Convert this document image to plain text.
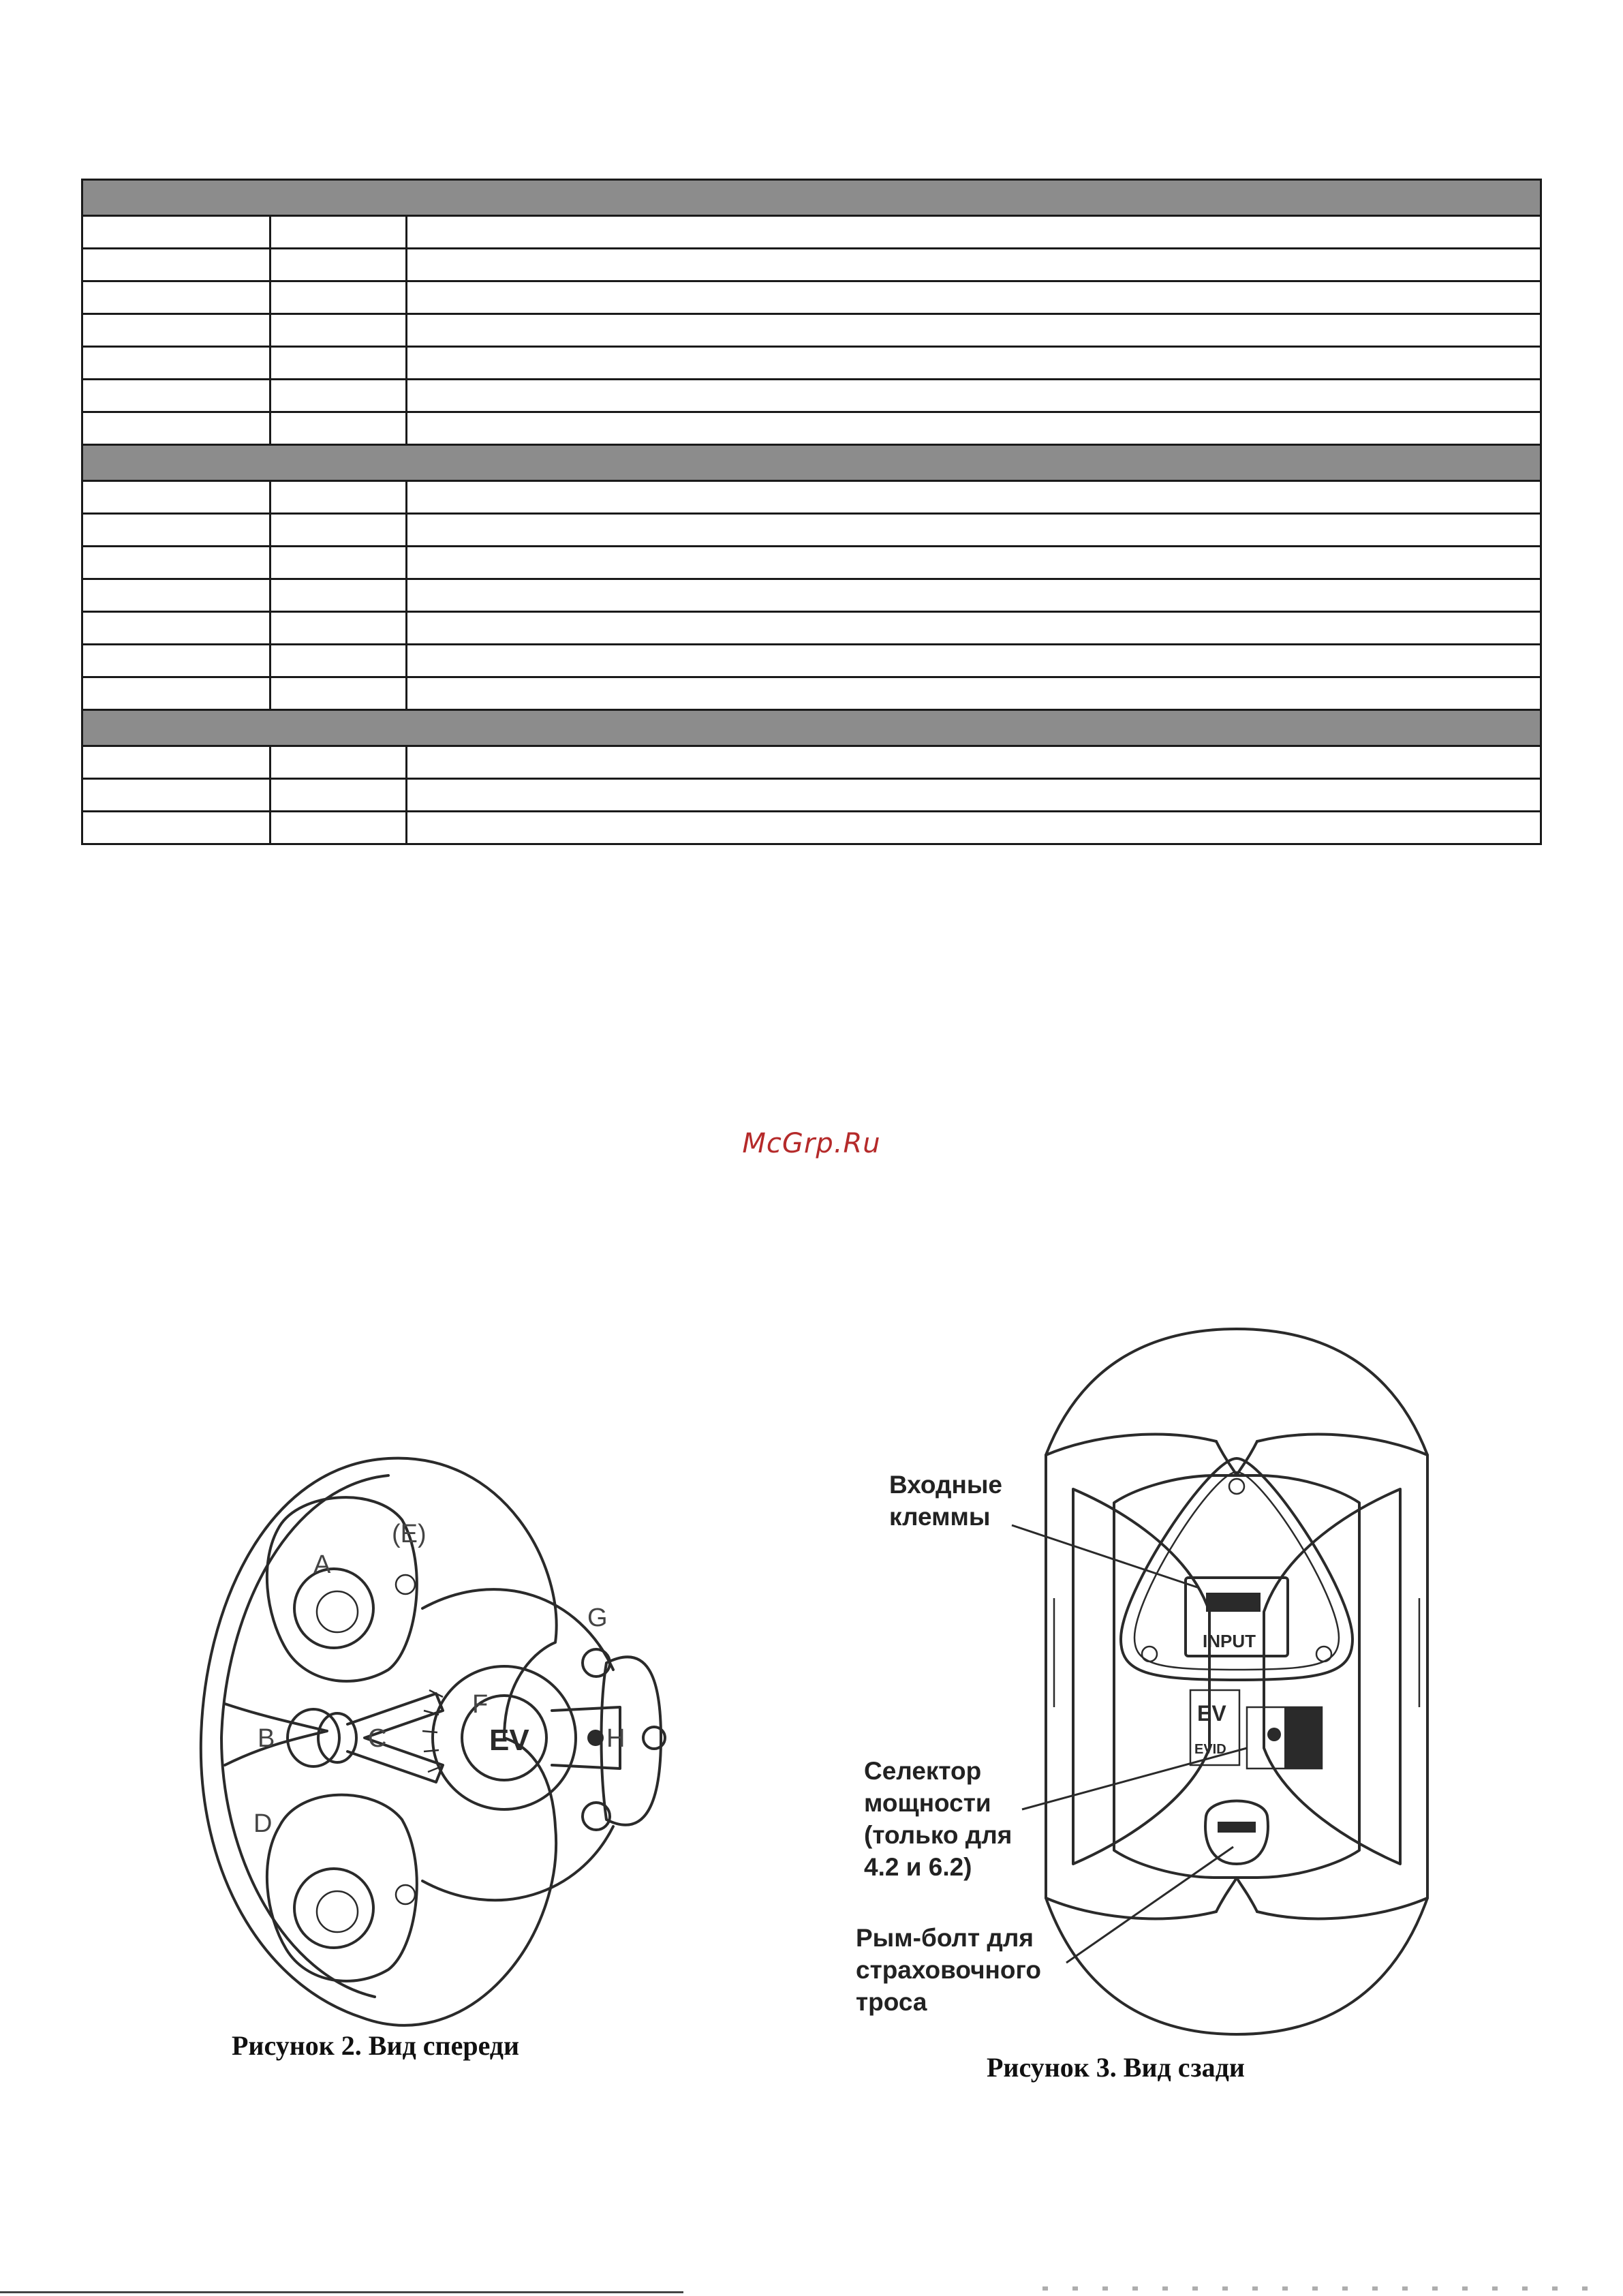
McGrp.Ru
EV
A
(E)
G
F
B	C	H
D
Рисунок 2. Вид спереди
INPUT
EV
EVID
Входные
клеммы
Селектор
мощности
(только для
4.2 и 6.2)
Рым-болт для
страховочного
троса
Рисунок 3. Вид сзади
